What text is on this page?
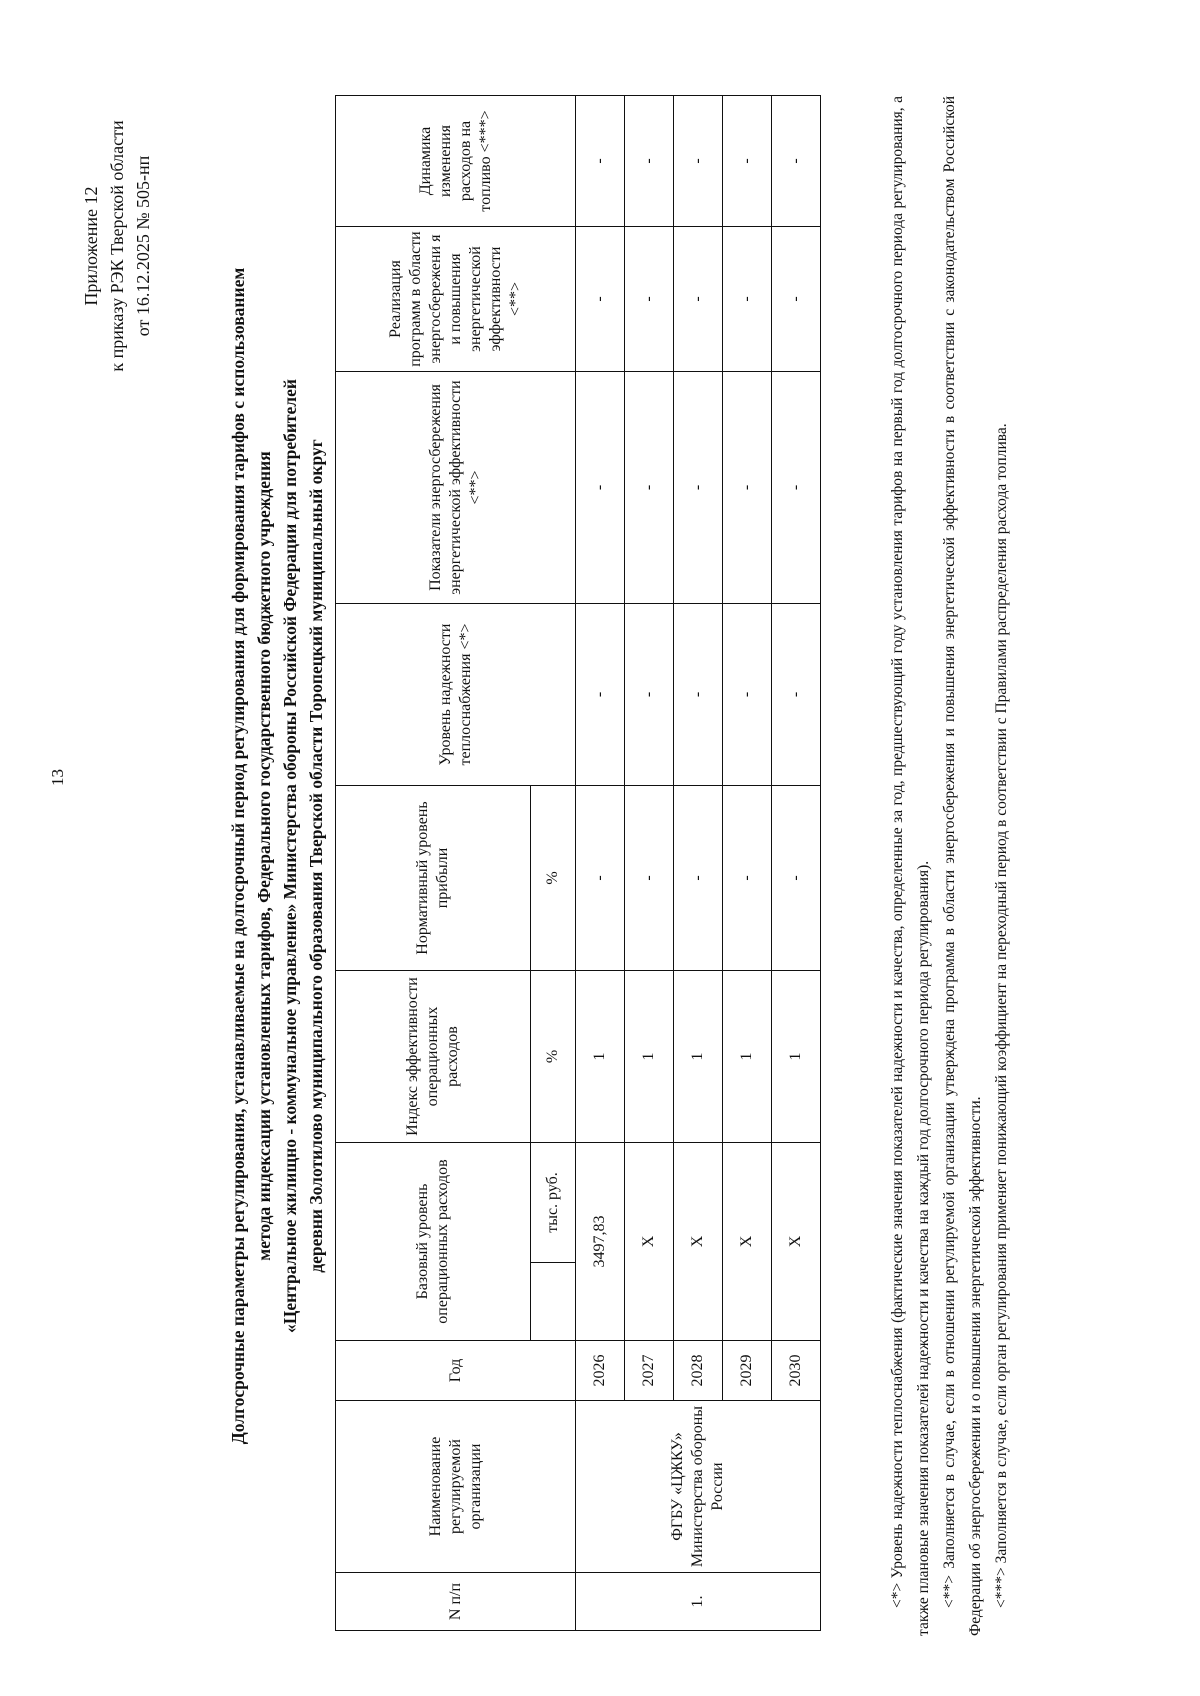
13
Приложение 12 к приказу РЭК Тверской области от 16.12.2025 № 505-нп
Долгосрочные параметры регулирования, устанавливаемые на долгосрочный период регулирования для формирования тарифов с использованием метода индексации установленных тарифов, Федерального государственного бюджетного учреждения «Центральное жилищно - коммунальное управление» Министерства обороны Российской Федерации для потребителей деревни Золотилово муниципального образования Тверской области Торопецкий муниципальный округ
N п/п	Наименование регулируемой организации	Год	Базовый уровень операционных расходов		Индекс эффективности операционных расходов	Нормативный уровень прибыли	Уровень надежности теплоснабжения <*>	Показатели энергосбережения энергетической эффективности <**>	Реализация программ в области энергосбережени я и повышения энергетической эффективности <**>	Динамика изменения расходов на топливо <***>
				тыс. руб.	%	%				
1.	ФГБУ «ЦЖКУ» Министерства обороны России	2026	3497,83		1	-	-	-	-	-
		2027	X		1	-	-	-	-	-
		2028	X		1	-	-	-	-	-
		2029	X		1	-	-	-	-	-
		2030	X		1	-	-	-	-	-	<*> Уровень надежности теплоснабжения (фактические значения показателей надежности и качества, определенные за год, предшествующий году установления тарифов на первый год долгосрочного периода регулирования, а также плановые значения показателей надежности и качества на каждый год долгосрочного периода регулирования). <**> Заполняется в случае, если в отношении регулируемой организации утверждена программа в области энергосбережения и повышения энергетической эффективности в соответствии с законодательством Российской Федерации об энергосбережении и о повышении энергетической эффективности. <***> Заполняется в случае, если орган регулирования применяет понижающий коэффициент на переходный период в соответствии с Правилами распределения расхода топлива.
